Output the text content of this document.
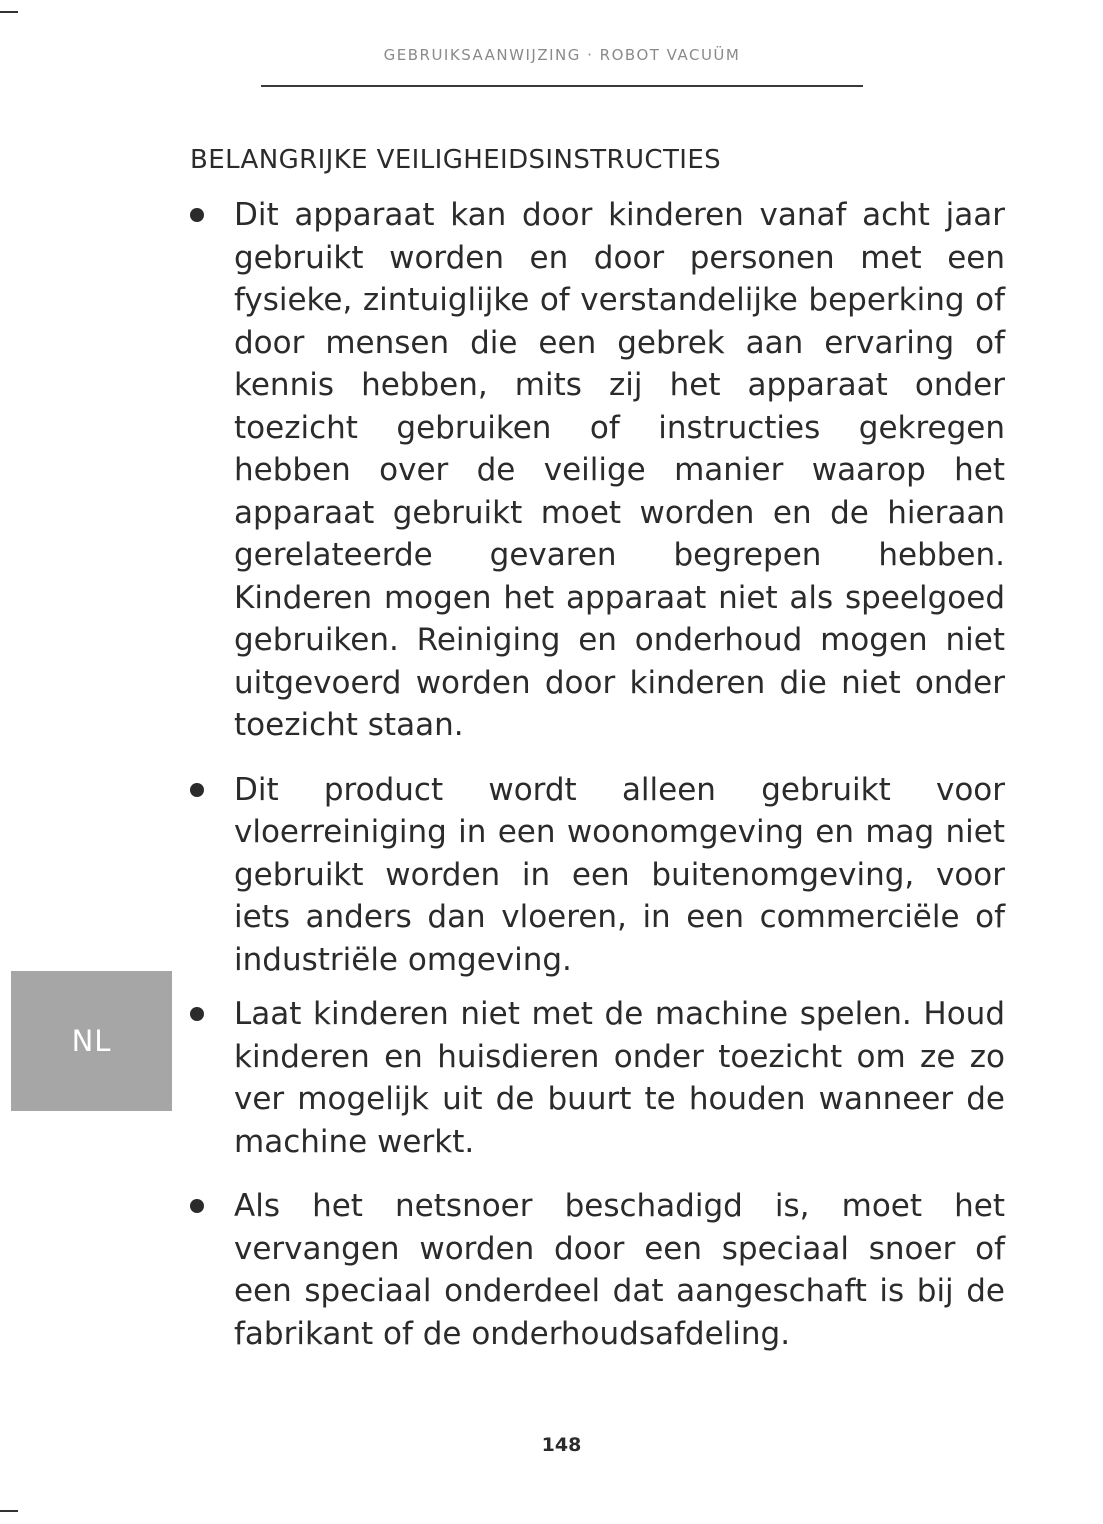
GEBRUIKSAANWIJZING · ROBOT VACUÜM
BELANGRIJKE VEILIGHEIDSINSTRUCTIES
Dit apparaat kan door kinderen vanaf acht jaar gebruikt worden en door personen met een fysieke, zintuiglijke of verstandelijke beperking of door mensen die een gebrek aan ervaring of kennis hebben, mits zij het apparaat onder toezicht gebruiken of instructies gekregen hebben over de veilige manier waarop het apparaat gebruikt moet worden en de hieraan gerelateerde gevaren begrepen hebben. Kinderen mogen het apparaat niet als speelgoed gebruiken. Reiniging en onderhoud mogen niet uitgevoerd worden door kinderen die niet onder toezicht staan.
Dit product wordt alleen gebruikt voor vloerreiniging in een woonomgeving en mag niet gebruikt worden in een buitenomgeving, voor iets anders dan vloeren, in een commerciële of industriële omgeving.
Laat kinderen niet met de machine spelen. Houd kinderen en huisdieren onder toezicht om ze zo ver mogelijk uit de buurt te houden wanneer de machine werkt.
Als het netsnoer beschadigd is, moet het vervangen worden door een speciaal snoer of een speciaal onderdeel dat aangeschaft is bij de fabrikant of de onderhoudsafdeling.
NL
148
